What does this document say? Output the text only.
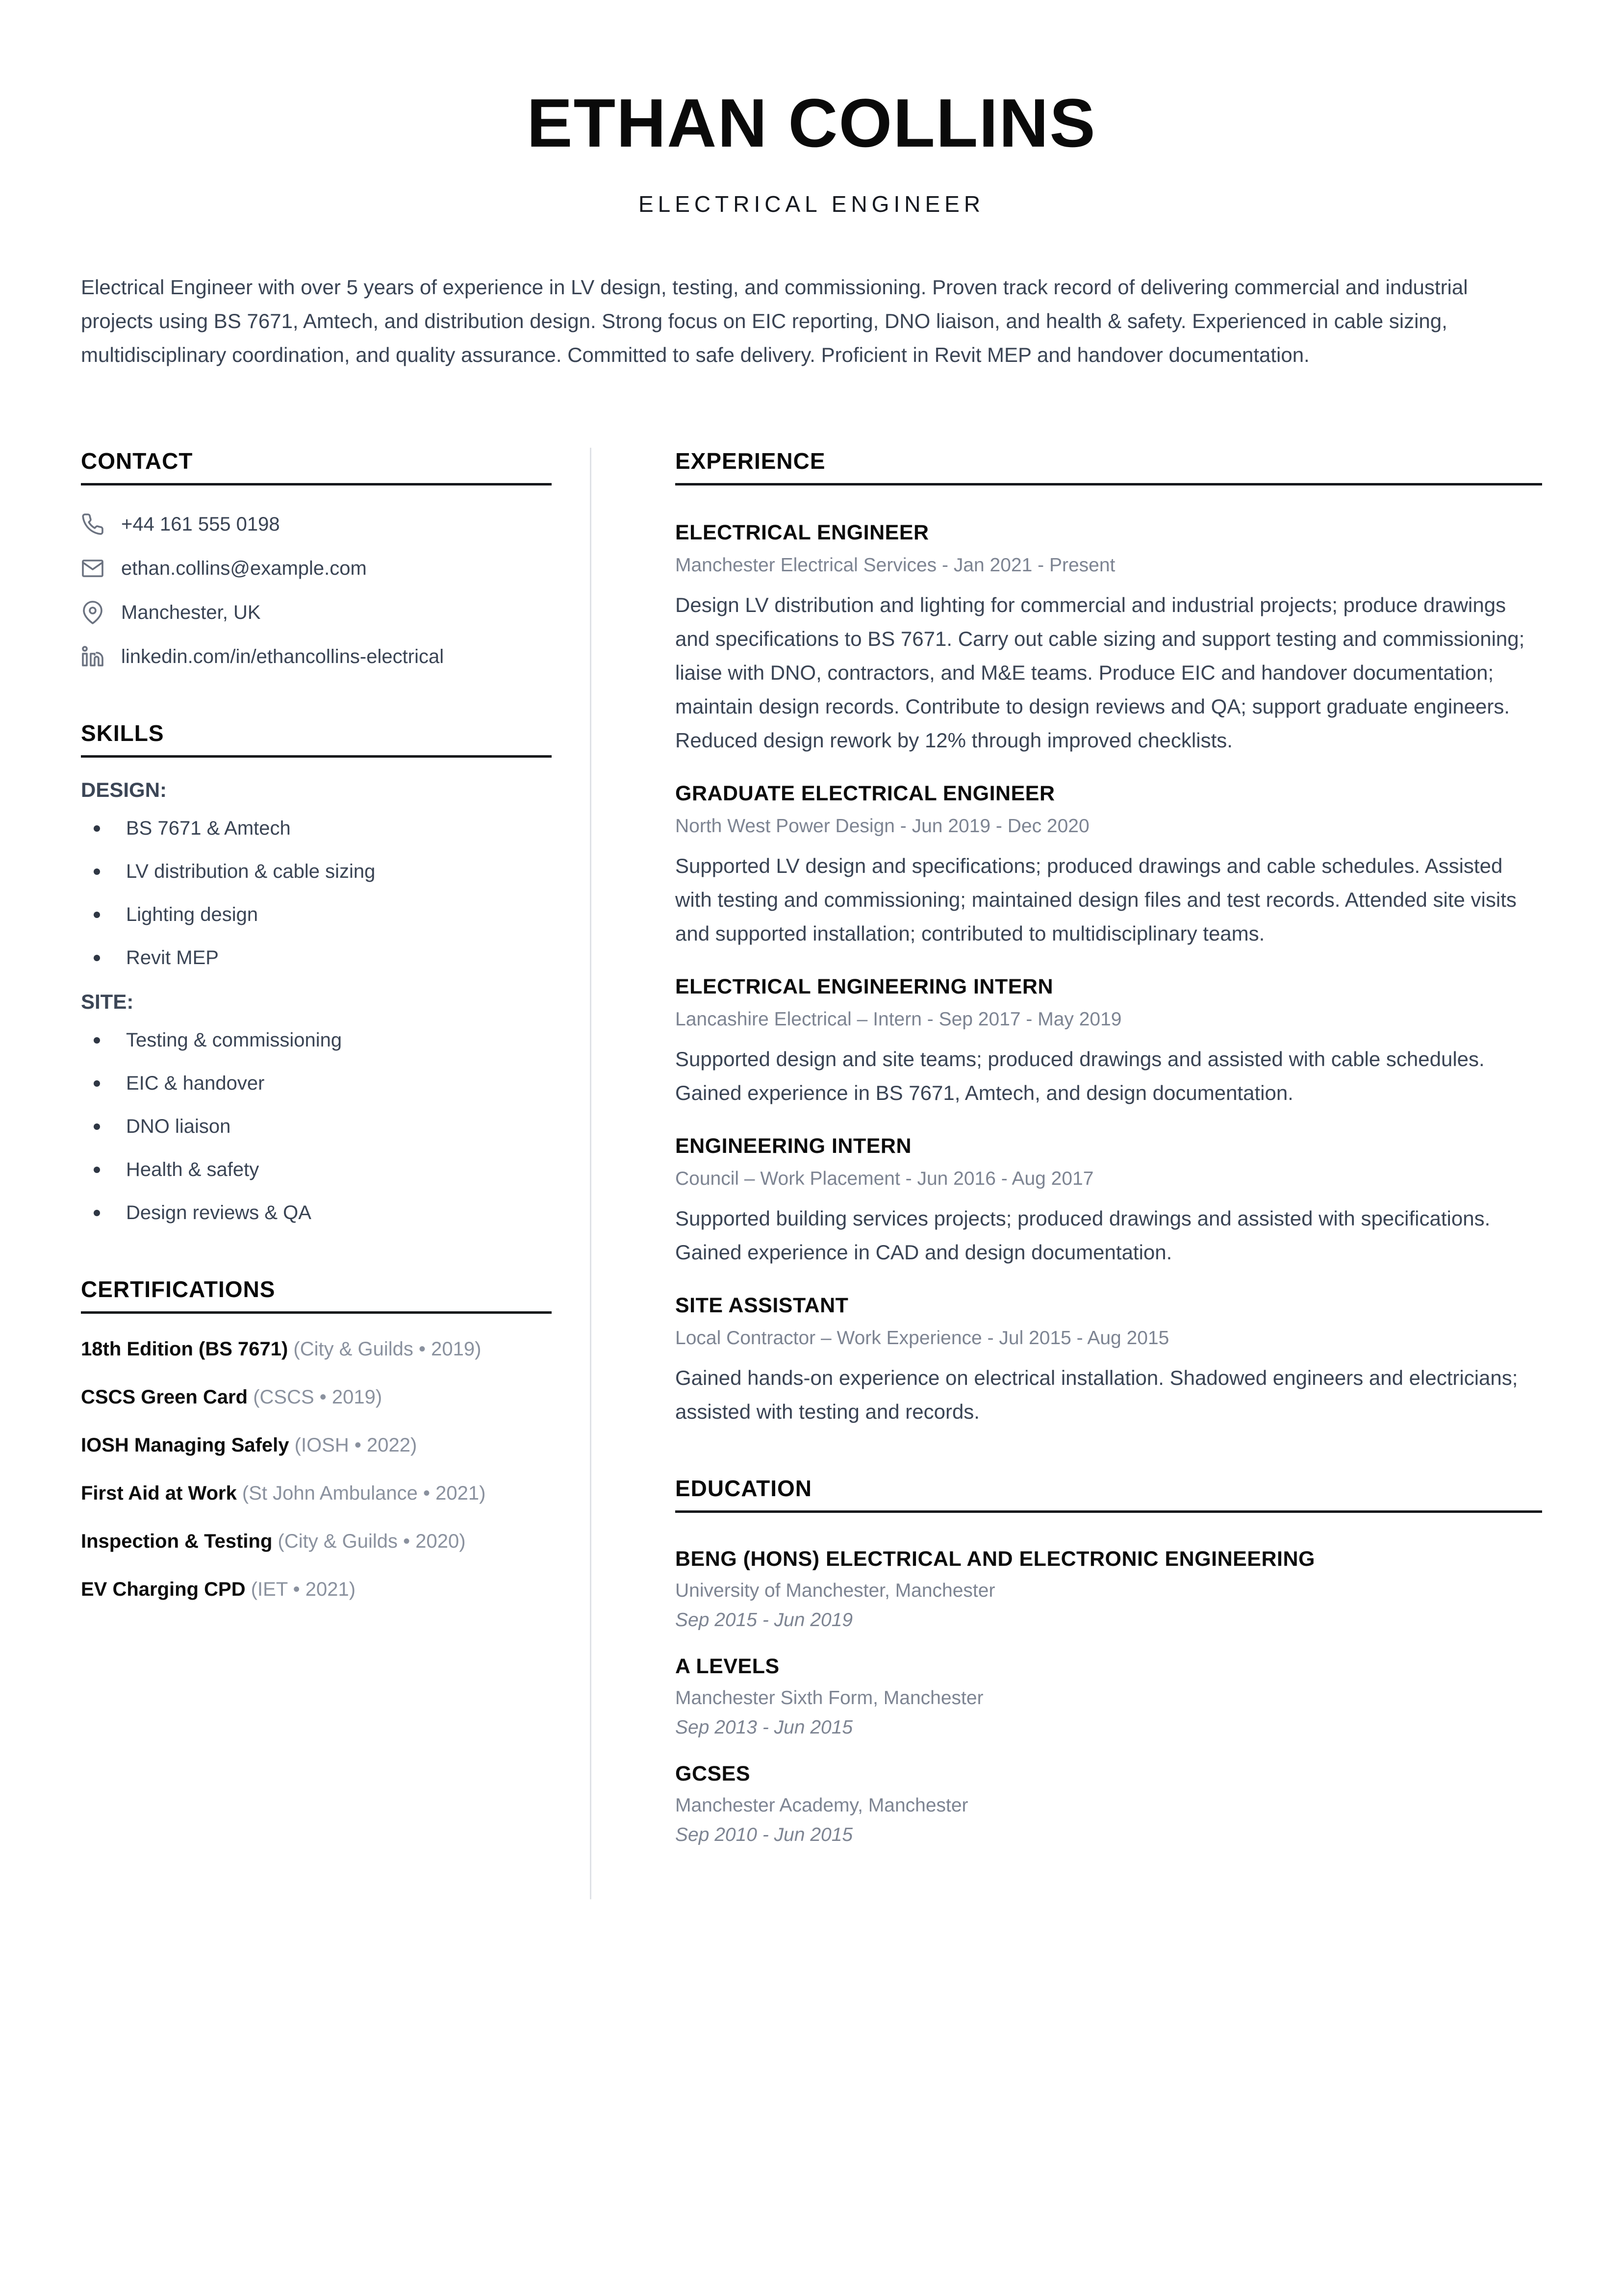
ETHAN COLLINS
ELECTRICAL ENGINEER

Electrical Engineer with over 5 years of experience in LV design, testing, and commissioning. Proven track record of delivering commercial and industrial projects using BS 7671, Amtech, and distribution design. Strong focus on EIC reporting, DNO liaison, and health & safety. Experienced in cable sizing, multidisciplinary coordination, and quality assurance. Committed to safe delivery. Proficient in Revit MEP and handover documentation.

CONTACT
+44 161 555 0198
ethan.collins@example.com
Manchester, UK
linkedin.com/in/ethancollins-electrical
SKILLS
DESIGN:
BS 7671 & Amtech
LV distribution & cable sizing
Lighting design
Revit MEP
SITE:
Testing & commissioning
EIC & handover
DNO liaison
Health & safety
Design reviews & QA
CERTIFICATIONS
18th Edition (BS 7671) (City & Guilds • 2019)
CSCS Green Card (CSCS • 2019)
IOSH Managing Safely (IOSH • 2022)
First Aid at Work (St John Ambulance • 2021)
Inspection & Testing (City & Guilds • 2020)
EV Charging CPD (IET • 2021)
EXPERIENCE
ELECTRICAL ENGINEER
Manchester Electrical Services - Jan 2021 - Present

Design LV distribution and lighting for commercial and industrial projects; produce drawings and specifications to BS 7671. Carry out cable sizing and support testing and commissioning; liaise with DNO, contractors, and M&E teams. Produce EIC and handover documentation; maintain design records. Contribute to design reviews and QA; support graduate engineers. Reduced design rework by 12% through improved checklists.

GRADUATE ELECTRICAL ENGINEER
North West Power Design - Jun 2019 - Dec 2020

Supported LV design and specifications; produced drawings and cable schedules. Assisted with testing and commissioning; maintained design files and test records. Attended site visits and supported installation; contributed to multidisciplinary teams.

ELECTRICAL ENGINEERING INTERN
Lancashire Electrical – Intern - Sep 2017 - May 2019

Supported design and site teams; produced drawings and assisted with cable schedules. Gained experience in BS 7671, Amtech, and design documentation.

ENGINEERING INTERN
Council – Work Placement - Jun 2016 - Aug 2017

Supported building services projects; produced drawings and assisted with specifications. Gained experience in CAD and design documentation.

SITE ASSISTANT
Local Contractor – Work Experience - Jul 2015 - Aug 2015

Gained hands-on experience on electrical installation. Shadowed engineers and electricians; assisted with testing and records.

EDUCATION
BENG (HONS) ELECTRICAL AND ELECTRONIC ENGINEERING
University of Manchester, Manchester
Sep 2015 - Jun 2019
A LEVELS
Manchester Sixth Form, Manchester
Sep 2013 - Jun 2015
GCSES
Manchester Academy, Manchester
Sep 2010 - Jun 2015
